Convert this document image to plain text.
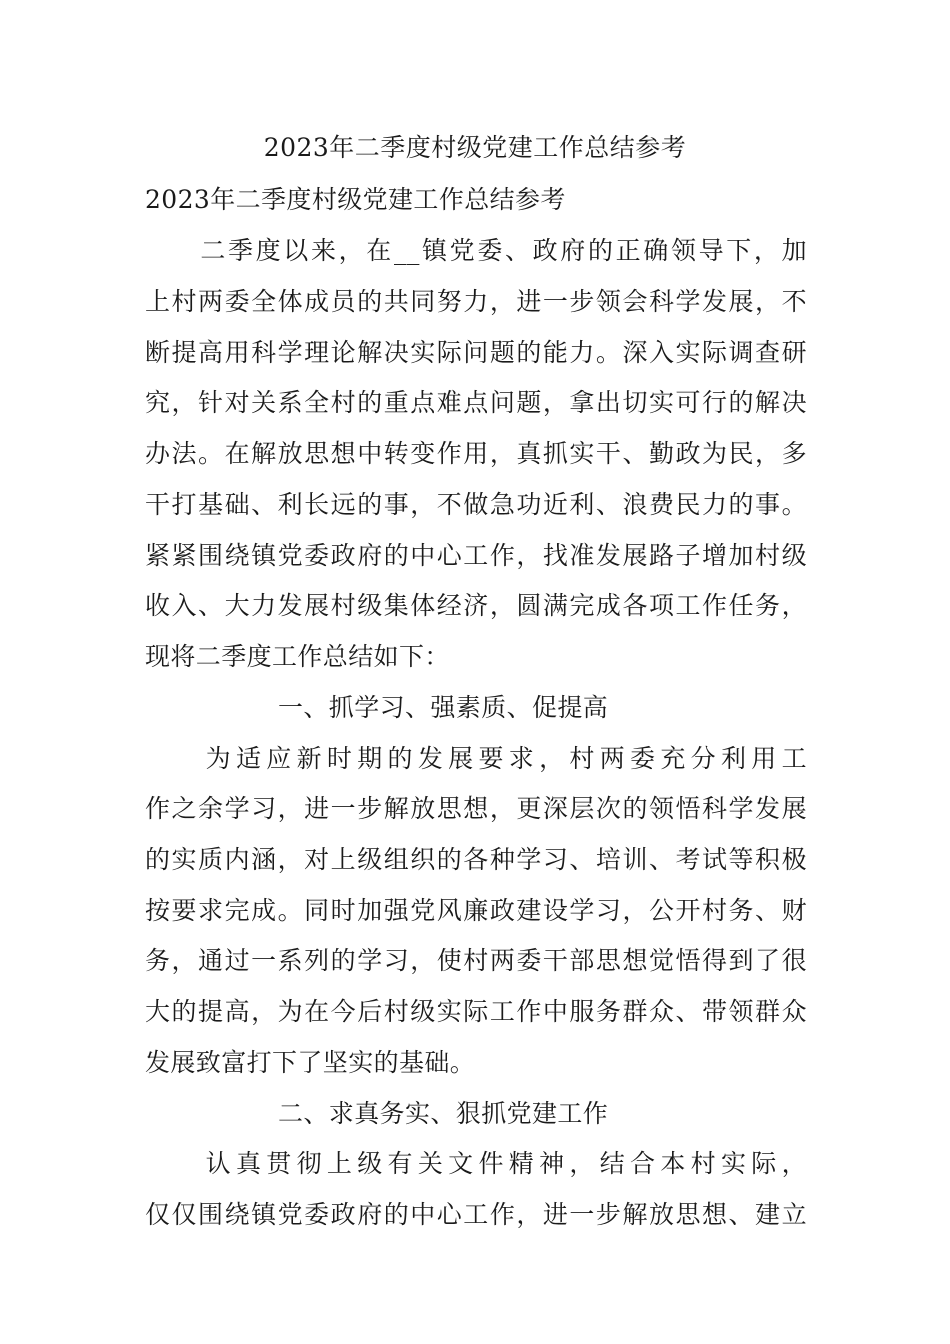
2023年二季度村级党建工作总结参考
2023年二季度村级党建工作总结参考
　　二季度以来，在__镇党委、政府的正确领导下，加
上村两委全体成员的共同努力，进一步领会科学发展，不
断提高用科学理论解决实际问题的能力。深入实际调查研
究，针对关系全村的重点难点问题，拿出切实可行的解决
办法。在解放思想中转变作用，真抓实干、勤政为民，多
干打基础、利长远的事，不做急功近利、浪费民力的事。
紧紧围绕镇党委政府的中心工作，找准发展路子增加村级
收入、大力发展村级集体经济，圆满完成各项工作任务，
现将二季度工作总结如下：
一、抓学习、强素质、促提高
　　为适应新时期的发展要求，村两委充分利用工
作之余学习，进一步解放思想，更深层次的领悟科学发展
的实质内涵，对上级组织的各种学习、培训、考试等积极
按要求完成。同时加强党风廉政建设学习，公开村务、财
务，通过一系列的学习，使村两委干部思想觉悟得到了很
大的提高，为在今后村级实际工作中服务群众、带领群众
发展致富打下了坚实的基础。
二、求真务实、狠抓党建工作
　　认真贯彻上级有关文件精神，结合本村实际，
仅仅围绕镇党委政府的中心工作，进一步解放思想、建立
